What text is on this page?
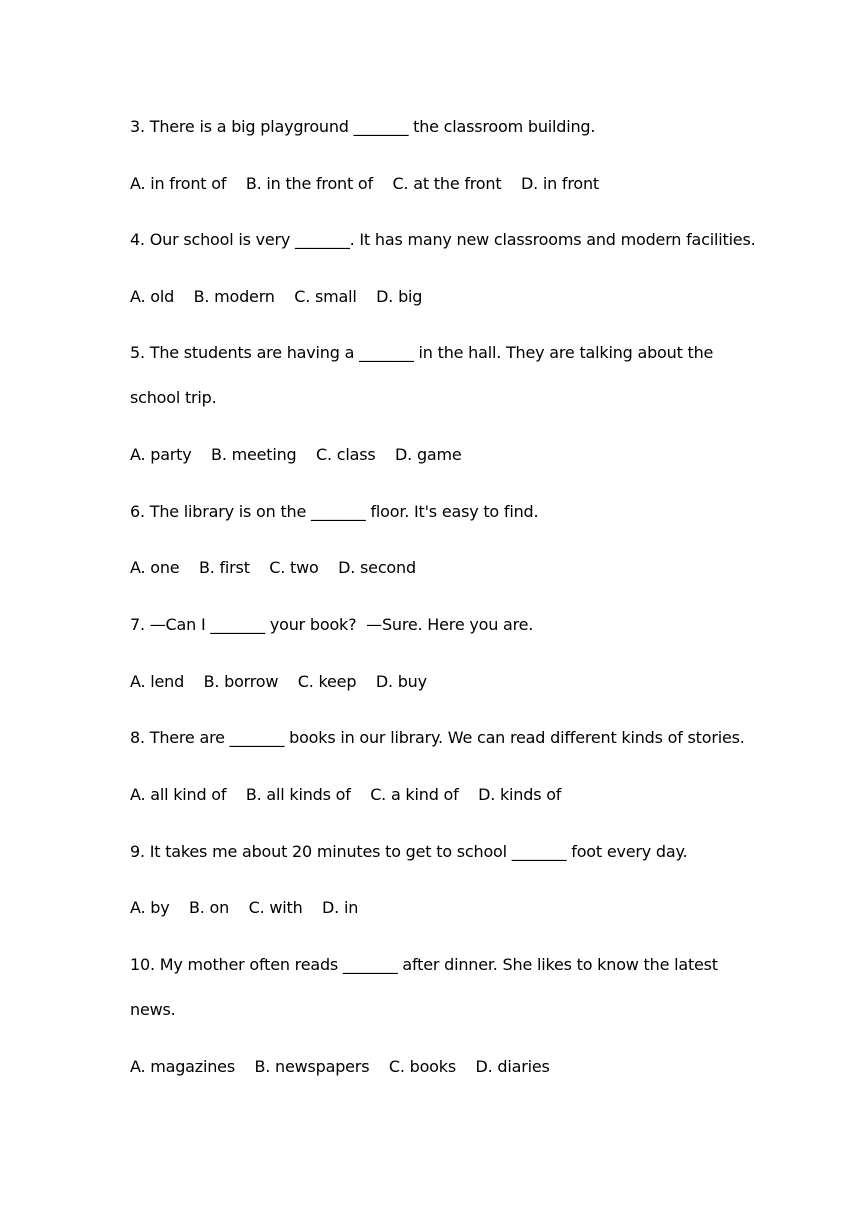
3. There is a big playground _______ the classroom building.

A. in front of    B. in the front of    C. at the front    D. in front

4. Our school is very _______. It has many new classrooms and modern facilities.

A. old    B. modern    C. small    D. big

5. The students are having a _______ in the hall. They are talking about the

school trip.

A. party    B. meeting    C. class    D. game

6. The library is on the _______ floor. It's easy to find.

A. one    B. first    C. two    D. second

7. —Can I _______ your book?  —Sure. Here you are.

A. lend    B. borrow    C. keep    D. buy

8. There are _______ books in our library. We can read different kinds of stories.

A. all kind of    B. all kinds of    C. a kind of    D. kinds of

9. It takes me about 20 minutes to get to school _______ foot every day.

A. by    B. on    C. with    D. in

10. My mother often reads _______ after dinner. She likes to know the latest

news.

A. magazines    B. newspapers    C. books    D. diaries
